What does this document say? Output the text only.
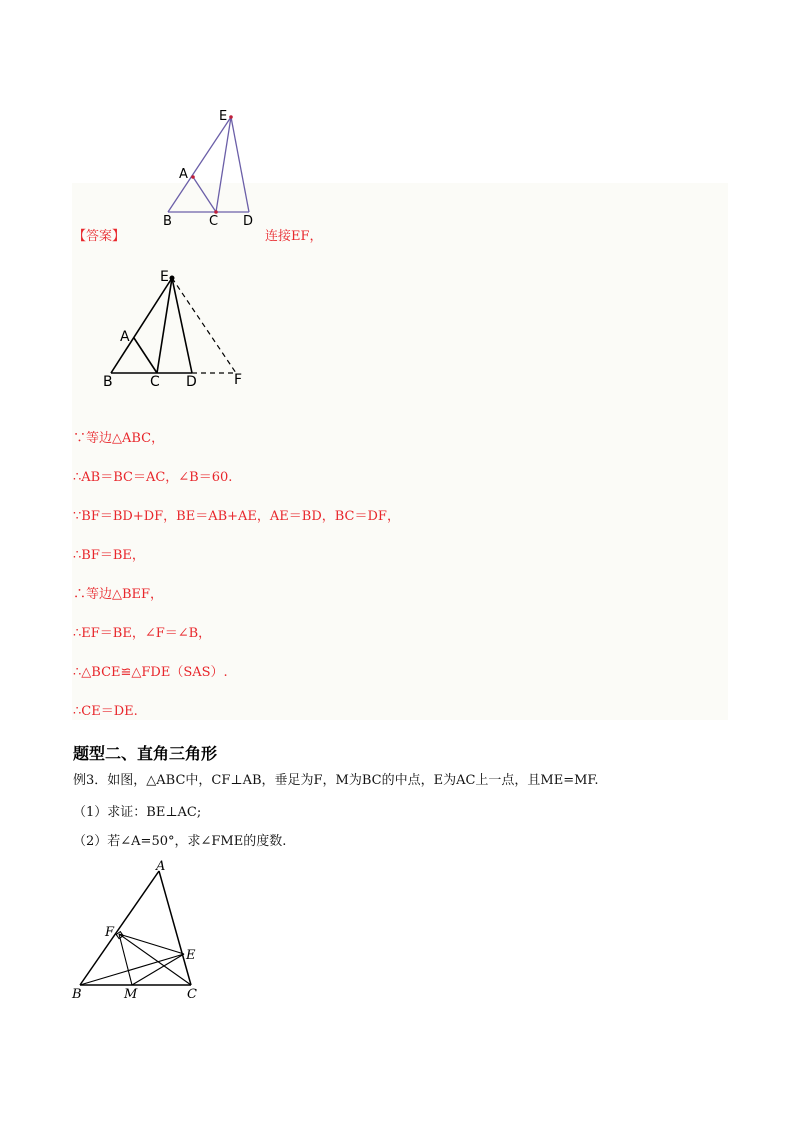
E
A
B	C D
【答案】	连接EF，
E
A
B	C D	F
∵等边△ABC，
∴AB＝BC＝AC，∠B＝60.
∵BF＝BD+DF，BE＝AB+AE，AE＝BD，BC＝DF，
∴BF＝BE，
∴等边△BEF，
∴EF＝BE，∠F＝∠B，
∴△BCE≌△FDE（SAS）.
∴CE＝DE.
题型二、直角三角形
例3．如图，△ABC中，CF⊥AB，垂足为F，M为BC的中点，E为AC上一点，且ME=MF.
（1）求证：BE⊥AC;
（2）若∠A=50°，求∠FME的度数.
A
F
E
B	M	C
